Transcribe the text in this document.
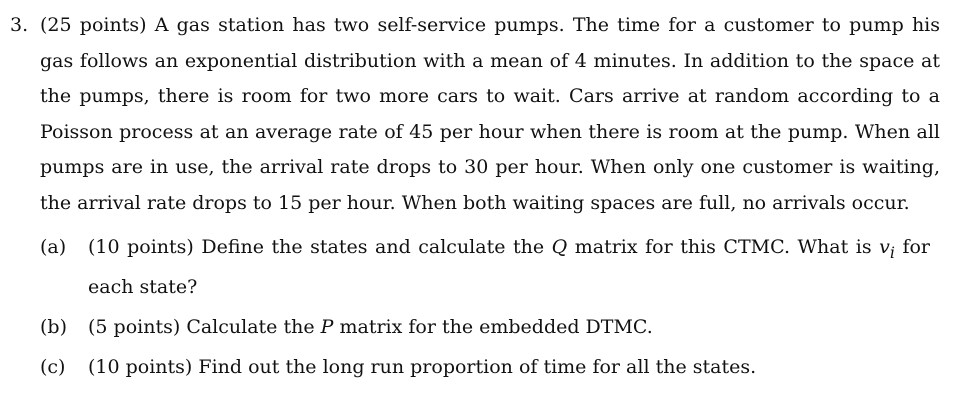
3. (25 points) A gas station has two self-service pumps. The time for a customer to pump his gas follows an exponential distribution with a mean of 4 minutes. In addition to the space at the pumps, there is room for two more cars to wait. Cars arrive at random according to a Poisson process at an average rate of 45 per hour when there is room at the pump. When all pumps are in use, the arrival rate drops to 30 per hour. When only one customer is waiting, the arrival rate drops to 15 per hour. When both waiting spaces are full, no arrivals occur.
(a) (10 points) Define the states and calculate the Q matrix for this CTMC. What is $v_i$ for each state?
(b) (5 points) Calculate the P matrix for the embedded DTMC.
(c) (10 points) Find out the long run proportion of time for all the states.
